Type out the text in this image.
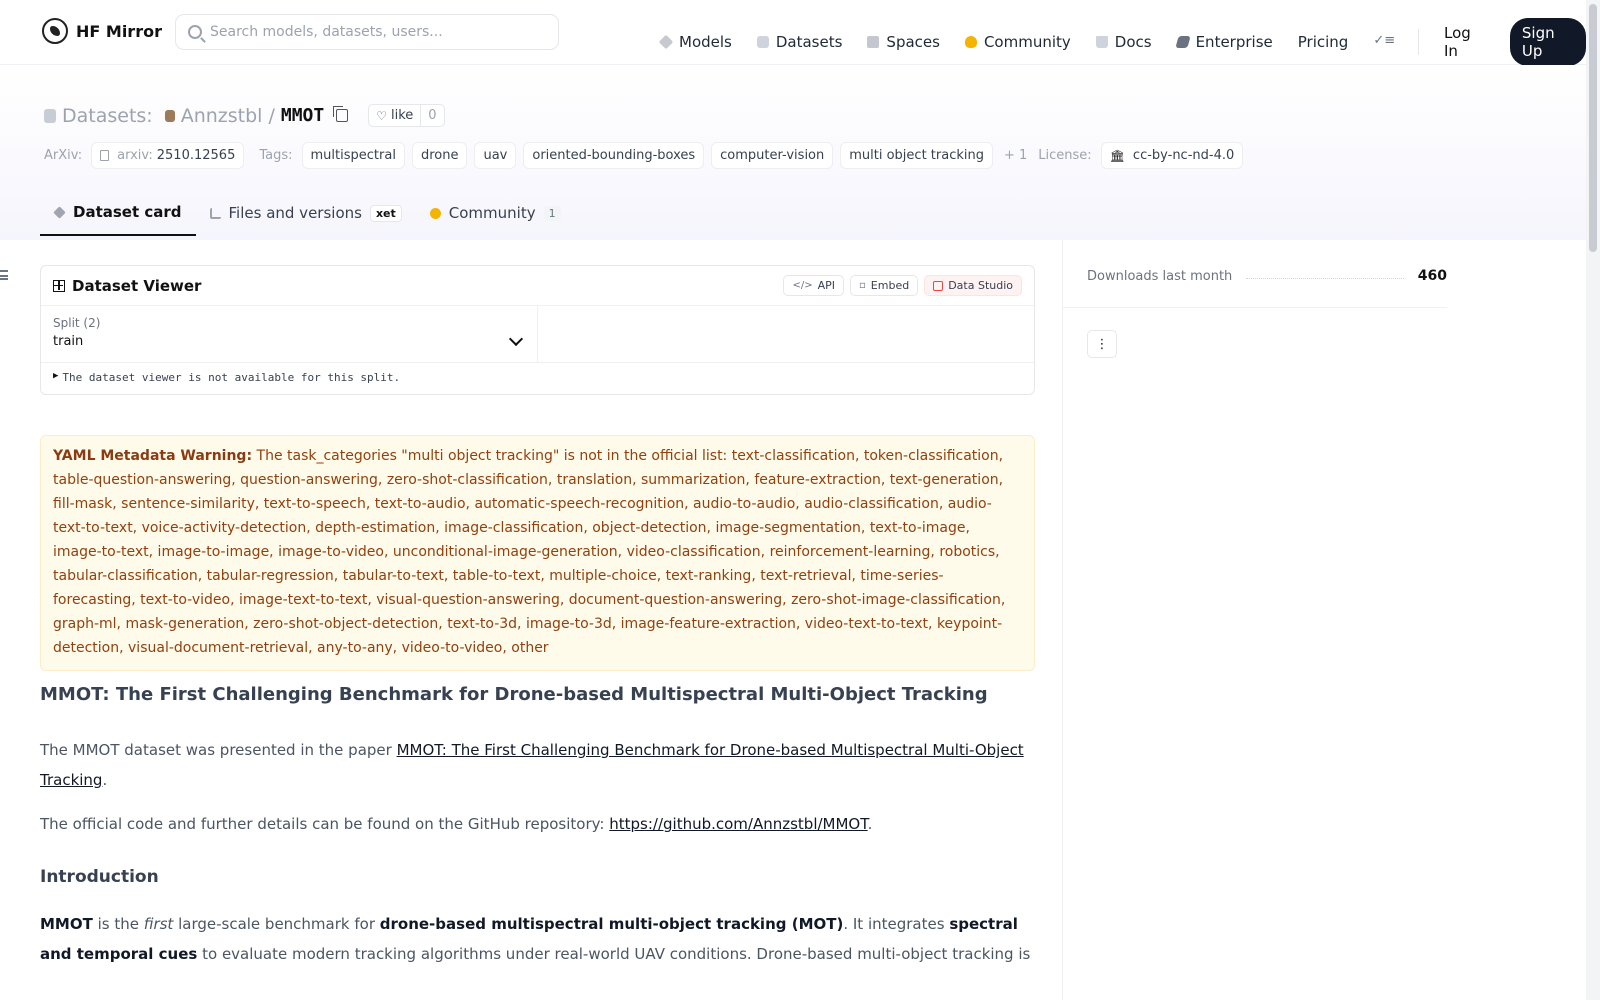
HF Mirror
Search models, datasets, users...
Models	Datasets	Spaces	Community	Docs	Enterprise Pricing
✓≡	Log In
Sign Up
Datasets: Annzstbl / MMOT	♡ like	0
ArXiv:	arxiv: 2510.12565 Tags:	multispectral	drone	uav	oriented-bounding-boxes	computer-vision	multi object tracking	+ 1 License: 🏛 cc-by-nc-nd-4.0
Dataset card	Files and versions	xet	Community	1
Dataset Viewer	</> API ▫ Embed	Data Studio
Split (2)
train
▶ The dataset viewer is not available for this split.
YAML Metadata Warning: The task_categories "multi object tracking" is not in the official list: text-classification, token-classification, table-question-answering, question-answering, zero-shot-classification, translation, summarization, feature-extraction, text-generation, fill-mask, sentence-similarity, text-to-speech, text-to-audio, automatic-speech-recognition, audio-to-audio, audio-classification, audio-text-to-text, voice-activity-detection, depth-estimation, image-classification, object-detection, image-segmentation, text-to-image, image-to-text, image-to-image, image-to-video, unconditional-image-generation, video-classification, reinforcement-learning, robotics, tabular-classification, tabular-regression, tabular-to-text, table-to-text, multiple-choice, text-ranking, text-retrieval, time-series-forecasting, text-to-video, image-text-to-text, visual-question-answering, document-question-answering, zero-shot-image-classification, graph-ml, mask-generation, zero-shot-object-detection, text-to-3d, image-to-3d, image-feature-extraction, video-text-to-text, keypoint-detection, visual-document-retrieval, any-to-any, video-to-video, other
MMOT: The First Challenging Benchmark for Drone-based Multispectral Multi-Object Tracking
The MMOT dataset was presented in the paper MMOT: The First Challenging Benchmark for Drone-based Multispectral Multi-Object Tracking.
The official code and further details can be found on the GitHub repository: https://github.com/Annzstbl/MMOT.
Introduction
MMOT is the first large-scale benchmark for drone-based multispectral multi-object tracking (MOT). It integrates spectral and temporal cues to evaluate modern tracking algorithms under real-world UAV conditions. Drone-based multi-object tracking is
Downloads last month	460
⋮
